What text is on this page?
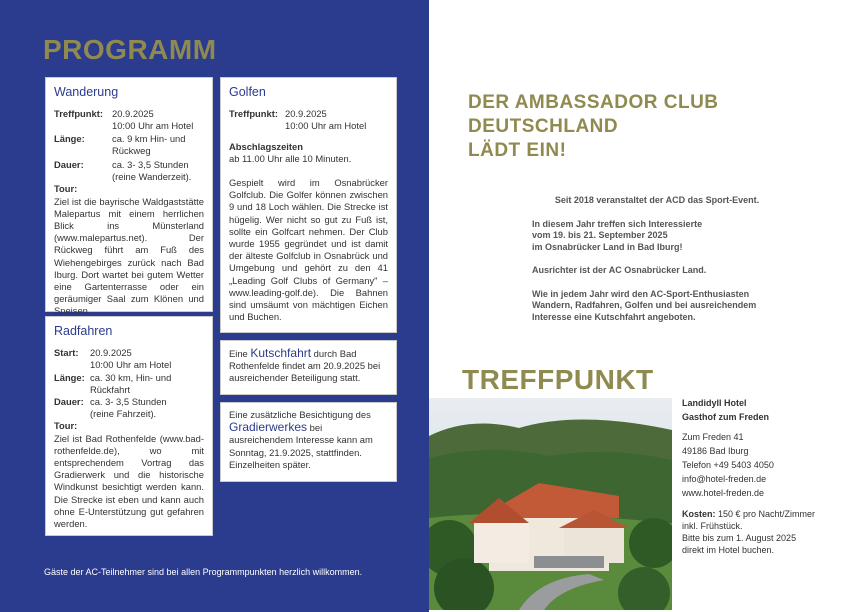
PROGRAMM
Wanderung
Treffpunkt: 20.9.2025
10:00 Uhr am Hotel
Länge:	ca. 9 km Hin- und
Rückweg
Dauer:	ca. 3- 3,5 Stunden
(reine Wanderzeit).
Tour:
Ziel ist die bayrische Waldgaststätte Malepartus mit einem herrlichen Blick ins Münsterland (www.malepartus.net). Der Rückweg führt am Fuß des Wiehengebirges zurück nach Bad Iburg. Dort wartet bei gutem Wetter eine Gartenterrasse oder ein geräumiger Saal zum Klönen und Speisen.
Radfahren
Start:	20.9.2025
10:00 Uhr am Hotel
Länge: ca. 30 km, Hin- und
Rückfahrt
Dauer: ca. 3- 3,5 Stunden
(reine Fahrzeit).
Tour:
Ziel ist Bad Rothenfelde (www.bad-rothenfelde.de), wo mit entsprechendem Vortrag das Gradierwerk und die historische Windkunst besichtigt werden kann. Die Strecke ist eben und kann auch ohne E-Unterstützung gut gefahren werden.
Golfen
Treffpunkt: 20.9.2025
10:00 Uhr am Hotel
Abschlagszeiten
ab 11.00 Uhr alle 10 Minuten.
Gespielt wird im Osnabrücker Golfclub. Die Golfer können zwischen 9 und 18 Loch wählen. Die Strecke ist hügelig. Wer nicht so gut zu Fuß ist, sollte ein Golfcart nehmen. Der Club wurde 1955 gegründet und ist damit der älteste Golfclub in Osnabrück und Umgebung und gehört zu den 41 „Leading Golf Clubs of Germany" – www.leading-golf.de). Die Bahnen sind umsäumt von mächtigen Eichen und Buchen.
Eine Kutschfahrt durch Bad Rothenfelde findet am 20.9.2025 bei ausreichender Beteiligung statt.
Eine zusätzliche Besichtigung des Gradierwerkes bei ausreichendem Interesse kann am Sonntag, 21.9.2025, stattfinden. Einzelheiten später.
Gäste der AC-Teilnehmer sind bei allen Programmpunkten herzlich willkommen.
DER AMBASSADOR CLUB
DEUTSCHLAND
LÄDT EIN!
Seit 2018 veranstaltet der ACD das Sport-Event.
In diesem Jahr treffen sich Interessierte
vom 19. bis 21. September 2025
im Osnabrücker Land in Bad Iburg!
Ausrichter ist der AC Osnabrücker Land.
Wie in jedem Jahr wird den AC-Sport-Enthusiasten
Wandern, Radfahren, Golfen und bei ausreichendem
Interesse eine Kutschfahrt angeboten.
TREFFPUNKT
Landidyll Hotel
Gasthof zum Freden
Zum Freden 41
49186 Bad Iburg
Telefon +49 5403 4050
info@hotel-freden.de
www.hotel-freden.de
Kosten: 150 € pro Nacht/Zimmer
inkl. Frühstück.
Bitte bis zum 1. August 2025
direkt im Hotel buchen.
